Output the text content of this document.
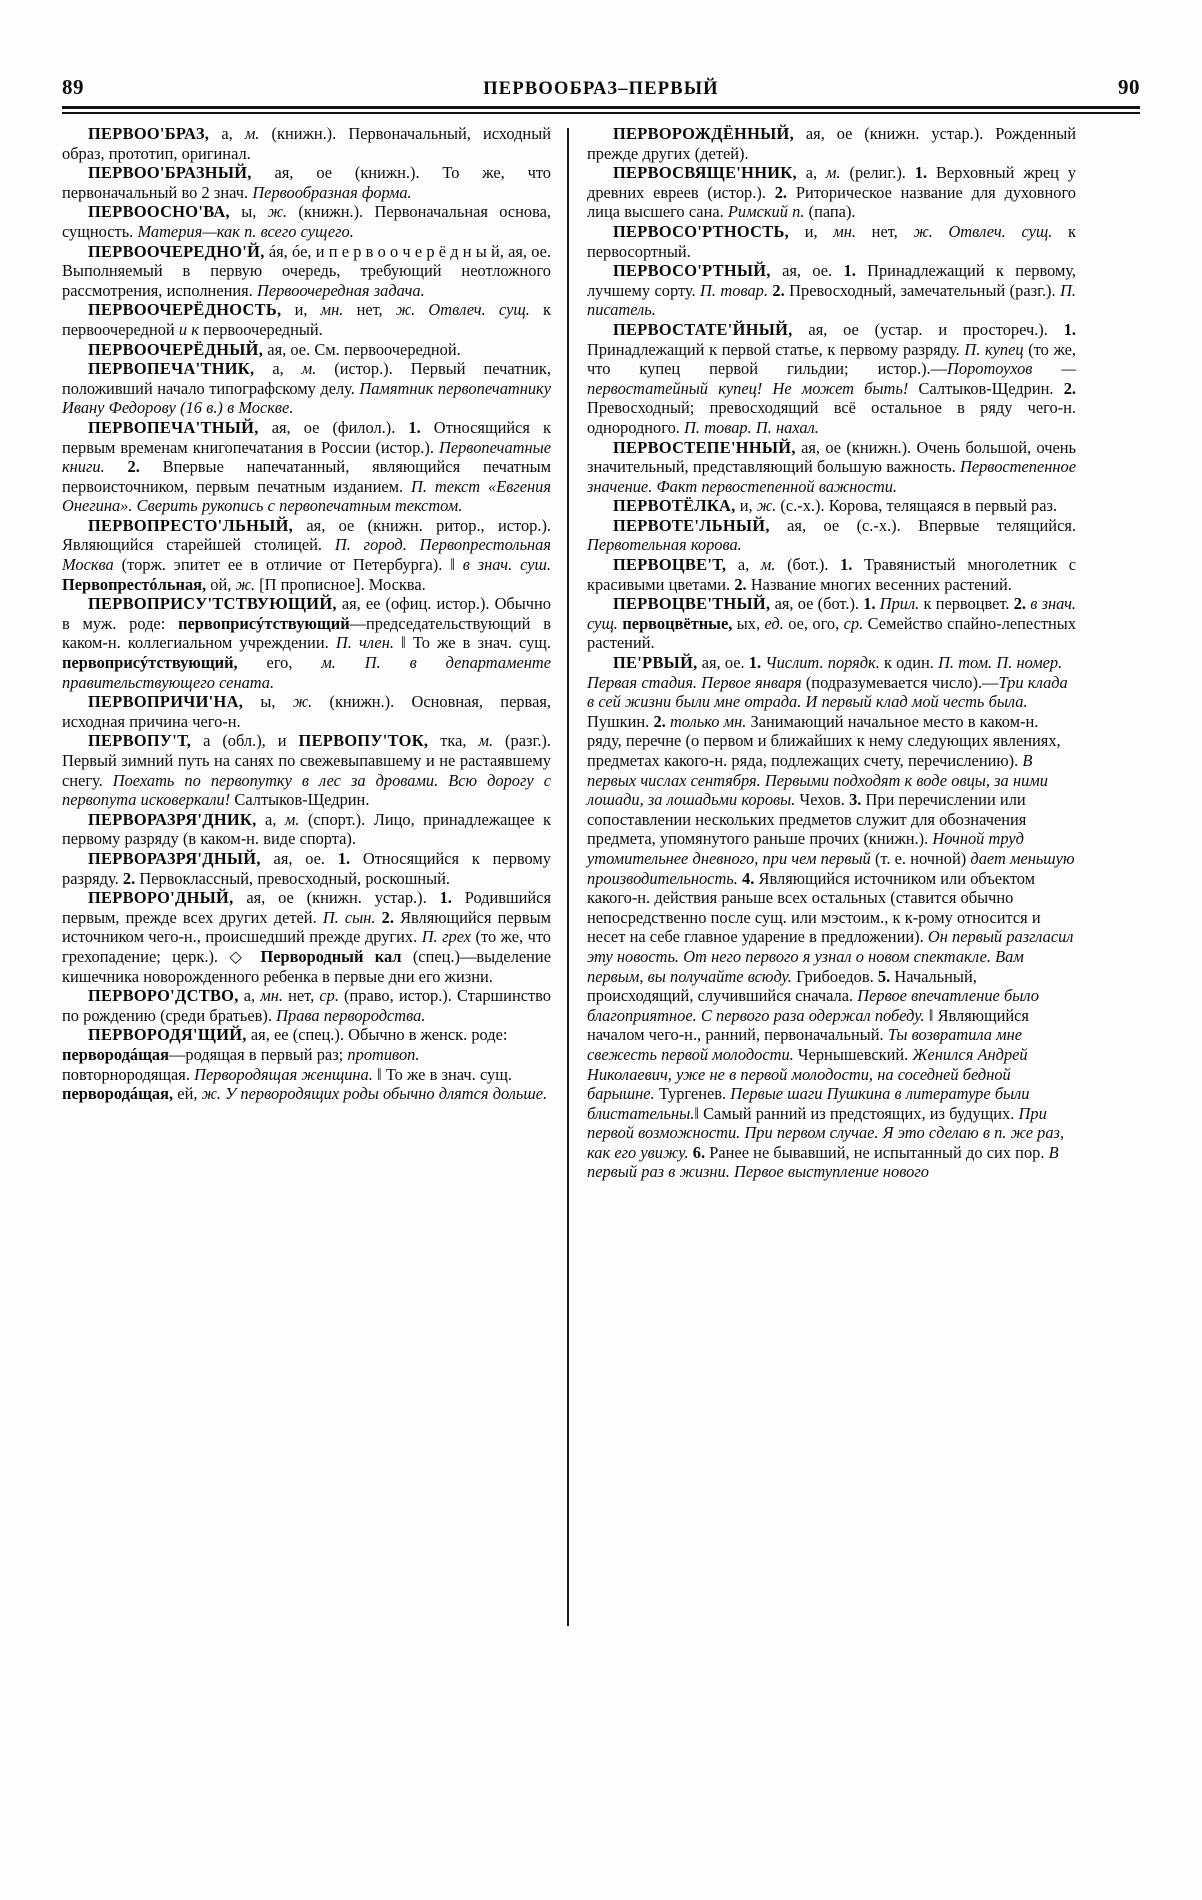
89	ПЕРВООБРАЗ–ПЕРВЫЙ	90

ПЕРВОО'БРАЗ, а, м. (книжн.). Первоначальный, исходный образ, прототип, оригинал.

ПЕРВОО'БРАЗНЫЙ, ая, ое (книжн.). То же, что первоначальный во 2 знач. Первообразная форма.

ПЕРВООСНО'ВА, ы, ж. (книжн.). Первоначальная основа, сущность. Материя—как п. всего сущего.

ПЕРВООЧЕРЕДНО'Й, áя, óе, и п е р в о о ч е р ё д н ы й, ая, ое. Выполняемый в первую очередь, требующий неотложного рассмотрения, исполнения. Первоочередная задача.

ПЕРВООЧЕРЁДНОСТЬ, и, мн. нет, ж. Отвлеч. сущ. к первоочередной и к первоочередный.

ПЕРВООЧЕРЁДНЫЙ, ая, ое. См. первоочередной.

ПЕРВОПЕЧА'ТНИК, а, м. (истор.). Первый печатник, положивший начало типографскому делу. Памятник первопечатнику Ивану Федорову (16 в.) в Москве.

ПЕРВОПЕЧА'ТНЫЙ, ая, ое (филол.). 1. Относящийся к первым временам книгопечатания в России (истор.). Первопечатные книги. 2. Впервые напечатанный, являющийся печатным первоисточником, первым печатным изданием. П. текст «Евгения Онегина». Сверить рукопись с первопечатным текстом.

ПЕРВОПРЕСТО'ЛЬНЫЙ, ая, ое (книжн. ритор., истор.). Являющийся старейшей столицей. П. город. Первопрестольная Москва (торж. эпитет ее в отличие от Петербурга). ‖ в знач. суш. Первопрестóльная, ой, ж. [П прописное]. Москва.

ПЕРВОПРИСУ'ТСТВУЮЩИЙ, ая, ее (офиц. истор.). Обычно в муж. роде: первоприсýтствующий—председательствующий в каком-н. коллегиальном учреждении. П. член. ‖ То же в знач. сущ. первоприсýтствующий, его, м. П. в департаменте правительствующего сената.

ПЕРВОПРИЧИ'НА, ы, ж. (книжн.). Основная, первая, исходная причина чего-н.

ПЕРВОПУ'Т, а (обл.), и ПЕРВОПУ'ТОК, тка, м. (разг.). Первый зимний путь на санях по свежевыпавшему и не растаявшему снегу. Поехать по первопутку в лес за дровами. Всю дорогу с первопута исковеркали! Салтыков-Щедрин.

ПЕРВОРАЗРЯ'ДНИК, а, м. (спорт.). Лицо, принадлежащее к первому разряду (в каком-н. виде спорта).

ПЕРВОРАЗРЯ'ДНЫЙ, ая, ое. 1. Относящийся к первому разряду. 2. Первоклассный, превосходный, роскошный.

ПЕРВОРО'ДНЫЙ, ая, ое (книжн. устар.). 1. Родившийся первым, прежде всех других детей. П. сын. 2. Являющийся первым источником чего-н., происшедший прежде других. П. грех (то же, что грехопадение; церк.). ◇ Первородный кал (спец.)—выделение кишечника новорожденного ребенка в первые дни его жизни.

ПЕРВОРО'ДСТВО, а, мн. нет, ср. (право, истор.). Старшинство по рождению (среди братьев). Права первородства.

ПЕРВОРОДЯ'ЩИЙ, ая, ее (спец.). Обычно в женск. роде: первородáщая—родящая в первый раз; противоп. повторнородящая. Первородящая женщина. ‖ То же в знач. сущ. первородáщая, ей, ж. У первородящих роды обычно длятся дольше.

ПЕРВОРОЖДЁННЫЙ, ая, ое (книжн. устар.). Рожденный прежде других (детей).

ПЕРВОСВЯЩЕ'ННИК, а, м. (религ.). 1. Верховный жрец у древних евреев (истор.). 2. Риторическое название для духовного лица высшего сана. Римский п. (папа).

ПЕРВОСО'РТНОСТЬ, и, мн. нет, ж. Отвлеч. сущ. к первосортный.

ПЕРВОСО'РТНЫЙ, ая, ое. 1. Принадлежащий к первому, лучшему сорту. П. товар. 2. Превосходный, замечательный (разг.). П. писатель.

ПЕРВОСТАТЕ'ЙНЫЙ, ая, ое (устар. и простореч.). 1. Принадлежащий к первой статье, к первому разряду. П. купец (то же, что купец первой гильдии; истор.).—Поротоухов — первостатейный купец! Не может быть! Салтыков-Щедрин. 2. Превосходный; превосходящий всё остальное в ряду чего-н. однородного. П. товар. П. нахал.

ПЕРВОСТЕПЕ'ННЫЙ, ая, ое (книжн.). Очень большой, очень значительный, представляющий большую важность. Первостепенное значение. Факт первостепенной важности.

ПЕРВОТЁЛКА, и, ж. (с.-х.). Корова, телящаяся в первый раз.

ПЕРВОТЕ'ЛЬНЫЙ, ая, ое (с.-х.). Впервые телящийся. Первотельная корова.

ПЕРВОЦВЕ'Т, а, м. (бот.). 1. Травянистый многолетник с красивыми цветами. 2. Название многих весенних растений.

ПЕРВОЦВЕ'ТНЫЙ, ая, ое (бот.). 1. Прил. к первоцвет. 2. в знач. сущ. первоцвётные, ых, ед. ое, ого, ср. Семейство спайно-лепестных растений.

ПЕ'РВЫЙ, ая, ое. 1. Числит. порядк. к один. П. том. П. номер. Первая стадия. Первое января (подразумевается число).—Три клада в сей жизни были мне отрада. И первый клад мой честь была. Пушкин. 2. только мн. Занимающий начальное место в каком-н. ряду, перечне (о первом и ближайших к нему следующих явлениях, предметах какого-н. ряда, подлежащих счету, перечислению). В первых числах сентября. Первыми подходят к воде овцы, за ними лошади, за лошадьми коровы. Чехов. 3. При перечислении или сопоставлении нескольких предметов служит для обозначения предмета, упомянутого раньше прочих (книжн.). Ночной труд утомительнее дневного, при чем первый (т. е. ночной) дает меньшую производительность. 4. Являющийся источником или объектом какого-н. действия раньше всех остальных (ставится обычно непосредственно после сущ. или мэстоим., к к-рому относится и несет на себе главное ударение в предложении). Он первый разгласил эту новость. От него первого я узнал о новом спектакле. Вам первым, вы получайте всюду. Грибоедов. 5. Начальный, происходящий, случившийся сначала. Первое впечатление было благоприятное. С первого раза одержал победу. ‖ Являющийся началом чего-н., ранний, первоначальный. Ты возвратила мне свежесть первой молодости. Чернышевский. Женился Андрей Николаевич, уже не в первой молодости, на соседней бедной барышне. Тургенев. Первые шаги Пушкина в литературе были блистательны.‖ Самый ранний из предстоящих, из будущих. При первой возможности. При первом случае. Я это сделаю в п. же раз, как его увижу. 6. Ранее не бывавший, не испытанный до сих пор. В первый раз в жизни. Первое выступление нового
